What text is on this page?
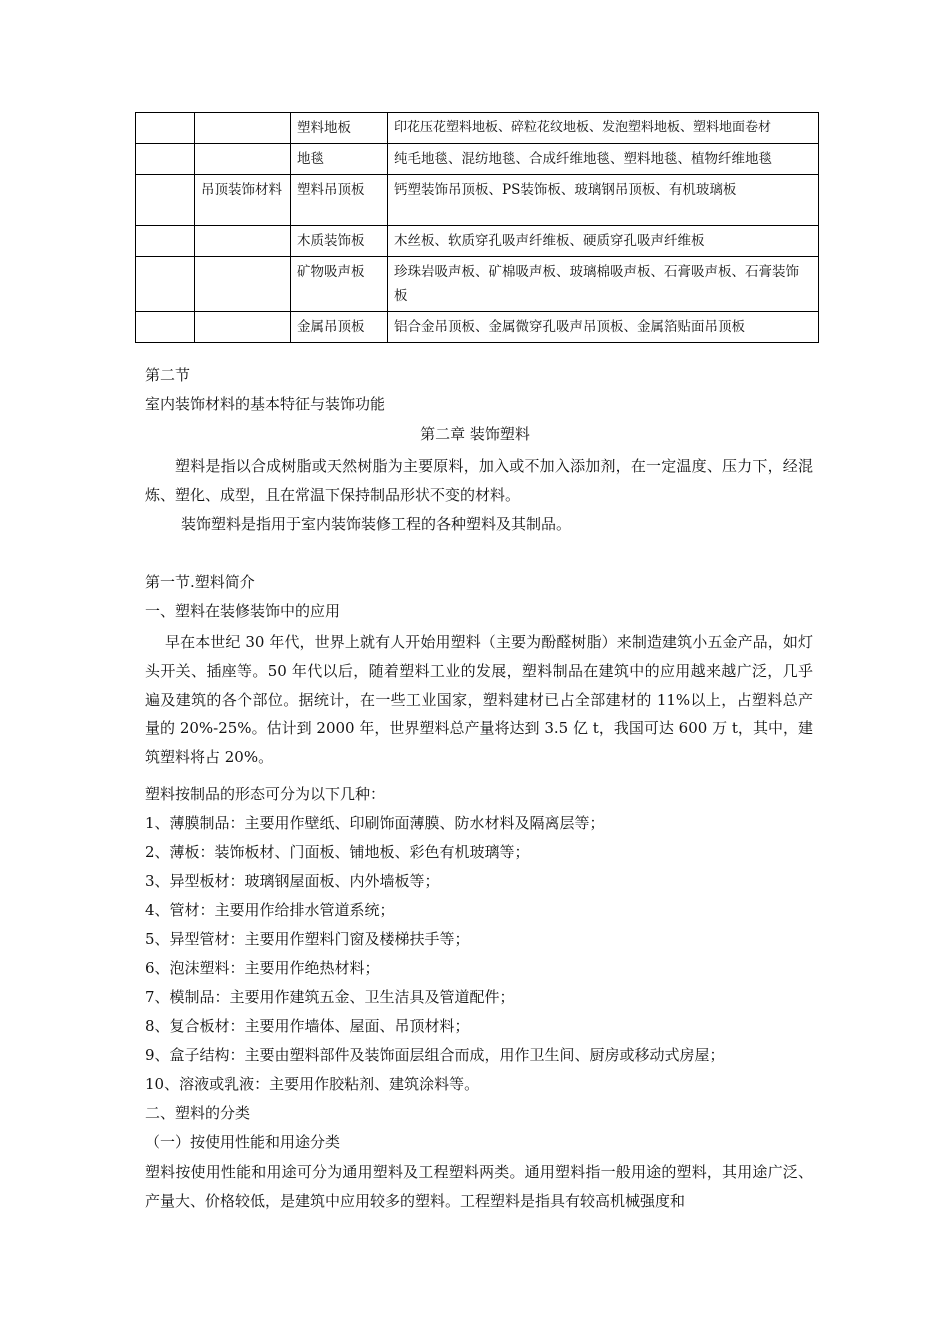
		塑料地板	印花压花塑料地板、碎粒花纹地板、发泡塑料地板、塑料地面卷材
		地毯	纯毛地毯、混纺地毯、合成纤维地毯、塑料地毯、植物纤维地毯
	吊顶装饰材料	塑料吊顶板	钙塑装饰吊顶板、PS装饰板、玻璃钢吊顶板、有机玻璃板
		木质装饰板	木丝板、软质穿孔吸声纤维板、硬质穿孔吸声纤维板
		矿物吸声板	珍珠岩吸声板、矿棉吸声板、玻璃棉吸声板、石膏吸声板、石膏装饰板
		金属吊顶板	铝合金吊顶板、金属微穿孔吸声吊顶板、金属箔贴面吊顶板
第二节
室内装饰材料的基本特征与装饰功能
第二章 装饰塑料
塑料是指以合成树脂或天然树脂为主要原料，加入或不加入添加剂，在一定温度、压力下，经混炼、塑化、成型，且在常温下保持制品形状不变的材料。
装饰塑料是指用于室内装饰装修工程的各种塑料及其制品。
第一节.塑料简介
一、塑料在装修装饰中的应用
早在本世纪 30 年代，世界上就有人开始用塑料（主要为酚醛树脂）来制造建筑小五金产品，如灯头开关、插座等。50 年代以后，随着塑料工业的发展，塑料制品在建筑中的应用越来越广泛，几乎遍及建筑的各个部位。据统计，在一些工业国家，塑料建材已占全部建材的 11%以上，占塑料总产量的 20%-25%。估计到 2000 年，世界塑料总产量将达到 3.5 亿 t，我国可达 600 万 t，其中，建筑塑料将占 20%。
塑料按制品的形态可分为以下几种：
1、薄膜制品：主要用作壁纸、印刷饰面薄膜、防水材料及隔离层等；
2、薄板：装饰板材、门面板、铺地板、彩色有机玻璃等；
3、异型板材：玻璃钢屋面板、内外墙板等；
4、管材：主要用作给排水管道系统；
5、异型管材：主要用作塑料门窗及楼梯扶手等；
6、泡沫塑料：主要用作绝热材料；
7、模制品：主要用作建筑五金、卫生洁具及管道配件；
8、复合板材：主要用作墙体、屋面、吊顶材料；
9、盒子结构：主要由塑料部件及装饰面层组合而成，用作卫生间、厨房或移动式房屋；
10、溶液或乳液：主要用作胶粘剂、建筑涂料等。
二、塑料的分类
（一）按使用性能和用途分类
塑料按使用性能和用途可分为通用塑料及工程塑料两类。通用塑料指一般用途的塑料，其用途广泛、产量大、价格较低，是建筑中应用较多的塑料。工程塑料是指具有较高机械强度和
